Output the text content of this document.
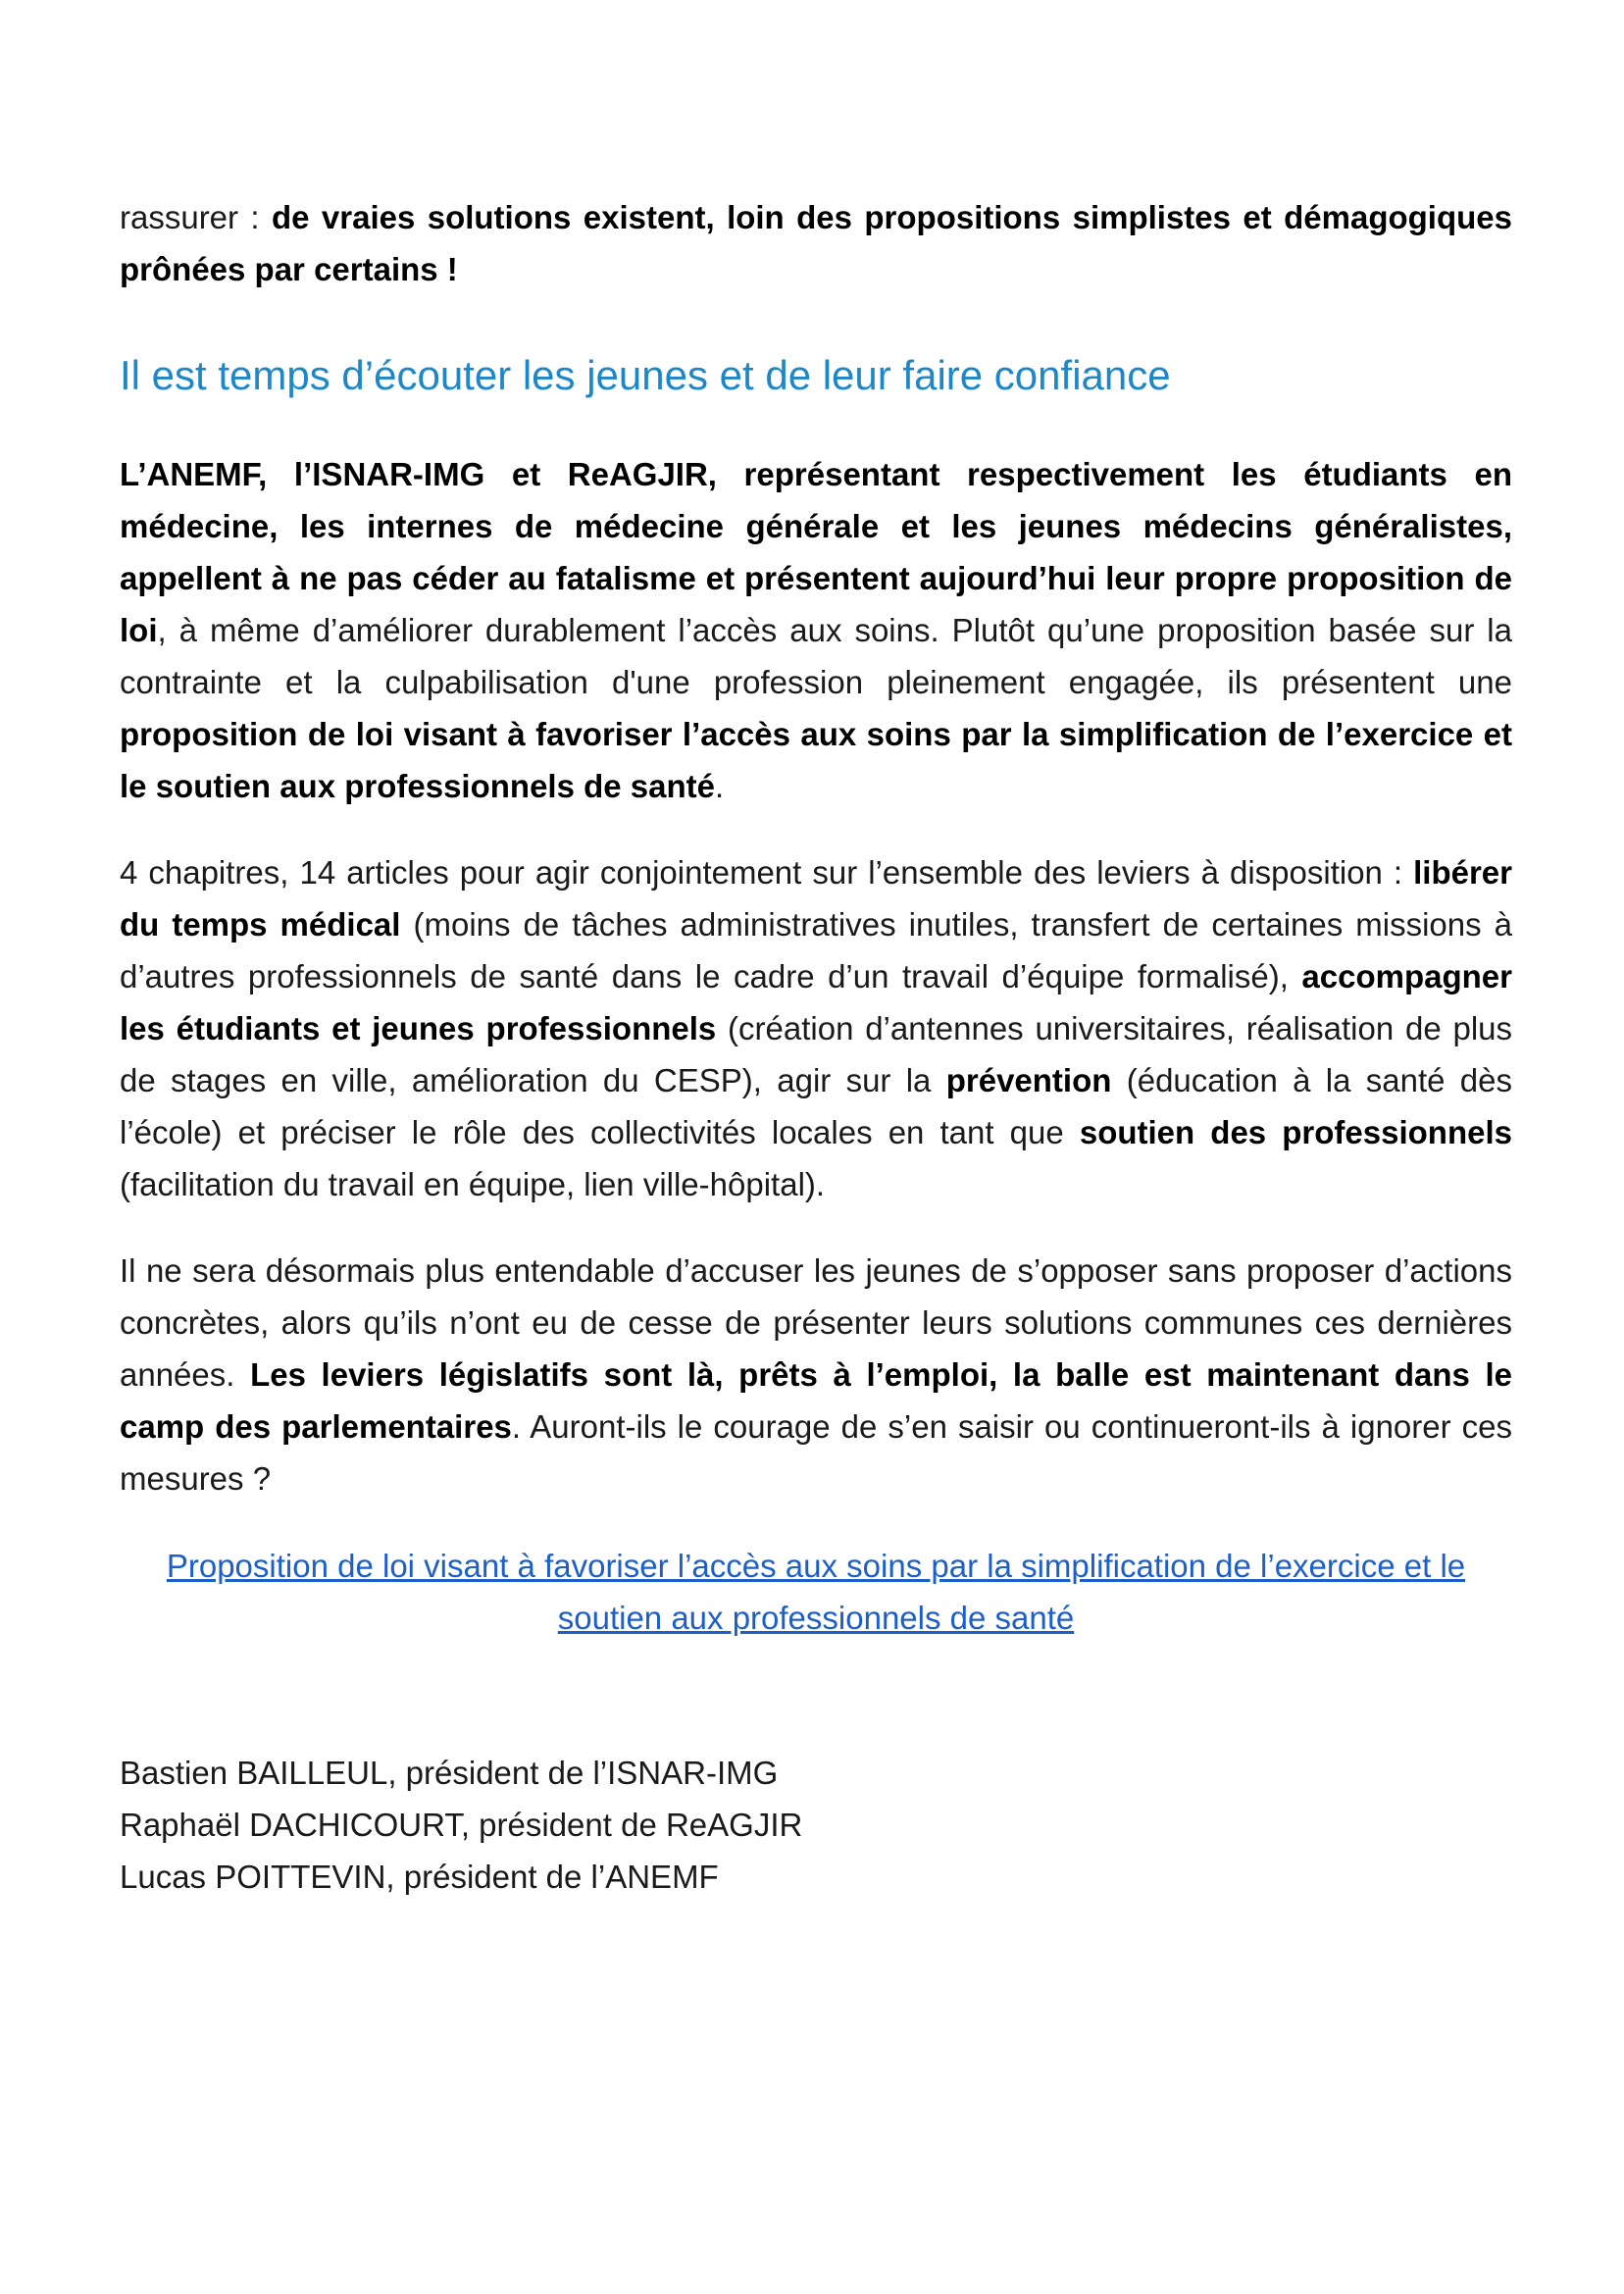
rassurer : de vraies solutions existent, loin des propositions simplistes et démagogiques prônées par certains !

Il est temps d’écouter les jeunes et de leur faire confiance

L’ANEMF, l’ISNAR-IMG et ReAGJIR, représentant respectivement les étudiants en médecine, les internes de médecine générale et les jeunes médecins généralistes, appellent à ne pas céder au fatalisme et présentent aujourd’hui leur propre proposition de loi, à même d’améliorer durablement l’accès aux soins. Plutôt qu’une proposition basée sur la contrainte et la culpabilisation d'une profession pleinement engagée, ils présentent une proposition de loi visant à favoriser l’accès aux soins par la simplification de l’exercice et le soutien aux professionnels de santé.

4 chapitres, 14 articles pour agir conjointement sur l’ensemble des leviers à disposition : libérer du temps médical (moins de tâches administratives inutiles, transfert de certaines missions à d’autres professionnels de santé dans le cadre d’un travail d’équipe formalisé), accompagner les étudiants et jeunes professionnels (création d’antennes universitaires, réalisation de plus de stages en ville, amélioration du CESP), agir sur la prévention (éducation à la santé dès l’école) et préciser le rôle des collectivités locales en tant que soutien des professionnels (facilitation du travail en équipe, lien ville-hôpital).

Il ne sera désormais plus entendable d’accuser les jeunes de s’opposer sans proposer d’actions concrètes, alors qu’ils n’ont eu de cesse de présenter leurs solutions communes ces dernières années. Les leviers législatifs sont là, prêts à l’emploi, la balle est maintenant dans le camp des parlementaires. Auront-ils le courage de s’en saisir ou continueront-ils à ignorer ces mesures ?

Proposition de loi visant à favoriser l’accès aux soins par la simplification de l’exercice et le
soutien aux professionnels de santé
Bastien BAILLEUL, président de l’ISNAR-IMG
Raphaël DACHICOURT, président de ReAGJIR
Lucas POITTEVIN, président de l’ANEMF
